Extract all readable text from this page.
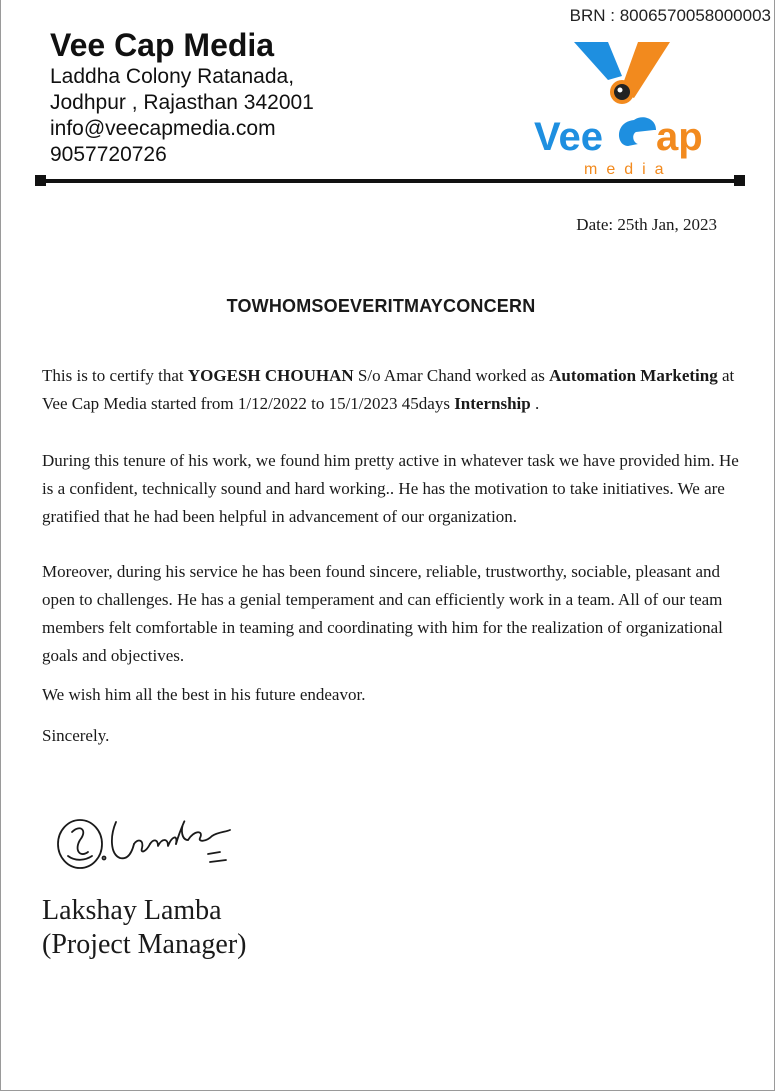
BRN : 8006570058000003
Vee Cap Media
Laddha Colony Ratanada,
Jodhpur , Rajasthan 342001
info@veecapmedia.com
9057720726	Vee ap
media
Date: 25th Jan, 2023
TOWHOMSOEVERITMAYCONCERN
This is to certify that YOGESH CHOUHAN S/o Amar Chand worked as Automation Marketing at Vee Cap Media started from 1/12/2022 to 15/1/2023 45days Internship .
During this tenure of his work, we found him pretty active in whatever task we have provided him. He is a confident, technically sound and hard working.. He has the motivation to take initiatives. We are gratified that he had been helpful in advancement of our organization.
Moreover, during his service he has been found sincere, reliable, trustworthy, sociable, pleasant and open to challenges. He has a genial temperament and can efficiently work in a team. All of our team members felt comfortable in teaming and coordinating with him for the realization of organizational goals and objectives.
We wish him all the best in his future endeavor.
Sincerely.
Lakshay Lamba
(Project Manager)
